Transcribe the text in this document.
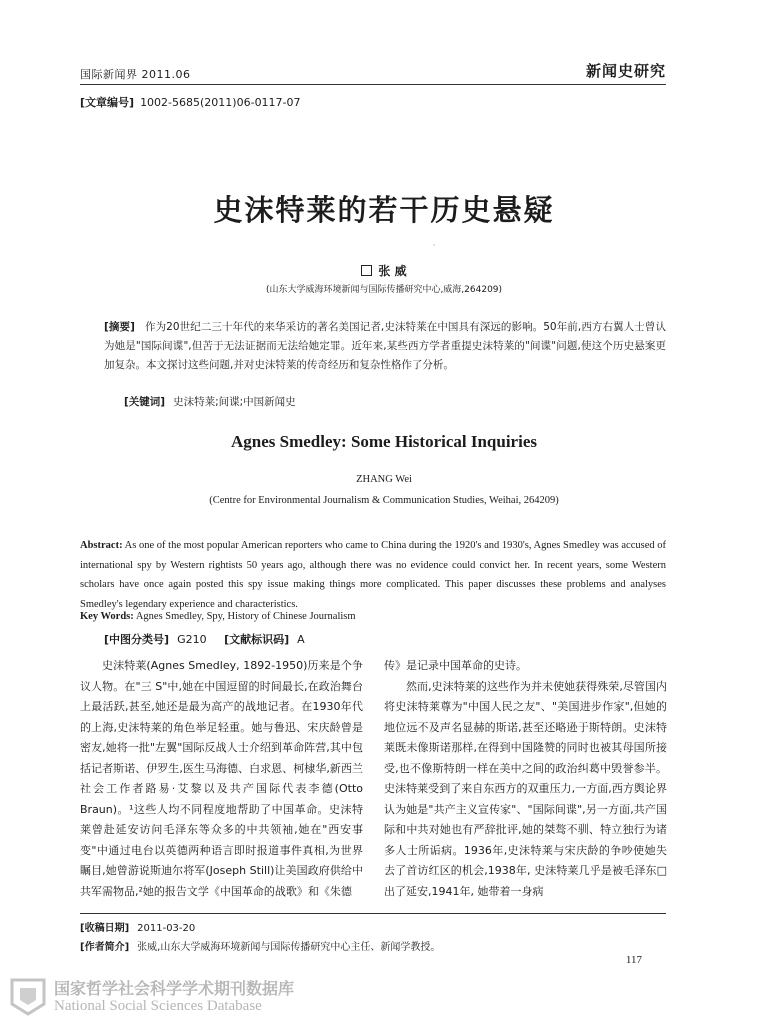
国际新闻界 2011.06	新闻史研究
[文章编号] 1002-5685(2011)06-0117-07
˙
史沫特莱的若干历史悬疑
张 威
(山东大学威海环境新闻与国际传播研究中心,威海,264209)
[摘要] 作为20世纪二三十年代的来华采访的著名美国记者,史沫特莱在中国具有深远的影响。50年前,西方右翼人士曾认为她是"国际间谍",但苦于无法证据而无法给她定罪。近年来,某些西方学者重提史沫特莱的"间谍"问题,使这个历史悬案更加复杂。本文探讨这些问题,并对史沫特莱的传奇经历和复杂性格作了分析。
[关键词] 史沫特莱;间谍;中国新闻史
Agnes Smedley: Some Historical Inquiries
ZHANG Wei
(Centre for Environmental Journalism & Communication Studies, Weihai, 264209)
Abstract: As one of the most popular American reporters who came to China during the 1920's and 1930's, Agnes Smedley was accused of international spy by Western rightists 50 years ago, although there was no evidence could convict her. In recent years, some Western scholars have once again posted this spy issue making things more complicated. This paper discusses these problems and analyses Smedley's legendary experience and characteristics.
Key Words: Agnes Smedley, Spy, History of Chinese Journalism
[中图分类号] G210 [文献标识码] A

史沫特莱(Agnes Smedley, 1892-1950)历来是个争议人物。在"三 S"中,她在中国逗留的时间最长,在政治舞台上最活跃,甚至,她还是最为高产的战地记者。在1930年代的上海,史沫特莱的角色举足轻重。她与鲁迅、宋庆龄曾是密友,她将一批"左翼"国际反战人士介绍到革命阵营,其中包括记者斯诺、伊罗生,医生马海德、白求恩、柯棣华,新西兰社会工作者路易·艾黎以及共产国际代表李德(Otto Braun)。¹这些人均不同程度地帮助了中国革命。史沫特莱曾赴延安访问毛泽东等众多的中共领袖,她在"西安事变"中通过电台以英德两种语言即时报道事件真相,为世界瞩目,她曾游说斯迪尔将军(Joseph Still)让美国政府供给中共军需物品,²她的报告文学《中国革命的战歌》和《朱德

传》是记录中国革命的史诗。

然而,史沫特莱的这些作为并未使她获得殊荣,尽管国内将史沫特莱尊为"中国人民之友"、"美国进步作家",但她的地位远不及声名显赫的斯诺,甚至还略逊于斯特朗。史沫特莱既未像斯诺那样,在得到中国隆赞的同时也被其母国所接受,也不像斯特朗一样在美中之间的政治纠葛中毁誉参半。史沫特莱受到了来自东西方的双重压力,一方面,西方舆论界认为她是"共产主义宣传家"、"国际间谍",另一方面,共产国际和中共对她也有严辞批评,她的桀骜不驯、特立独行为诸多人士所诟病。1936年,史沫特莱与宋庆龄的争吵使她失去了首访红区的机会,1938年, 史沫特莱几乎是被毛泽东□出了延安,1941年, 她带着一身病

[收稿日期] 2011-03-20
[作者简介] 张威,山东大学威海环境新闻与国际传播研究中心主任、新闻学教授。
117
国家哲学社会科学学术期刊数据库
National Social Sciences Database
